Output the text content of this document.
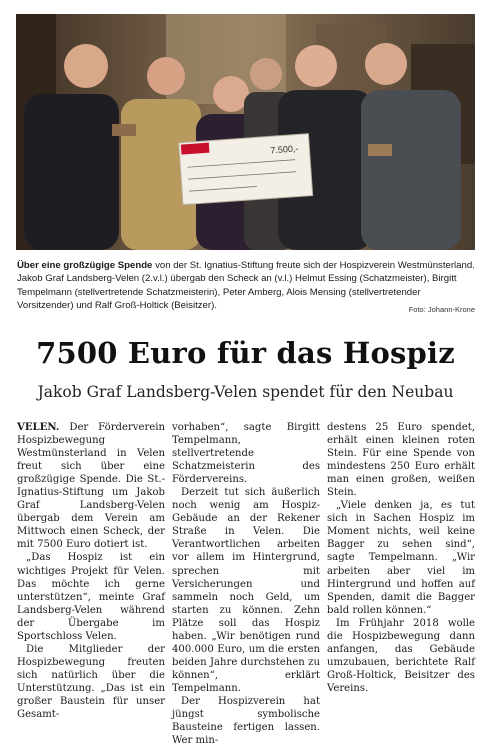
7.500,-
Über eine großzügige Spende von der St. Ignatius-Stiftung freute sich der Hospizverein Westmünsterland. Jakob Graf Landsberg-Velen (2.v.l.) übergab den Scheck an (v.l.) Helmut Essing (Schatzmeister), Birgitt Tempelmann (stellvertretende Schatzmeisterin), Peter Amberg, Alois Mensing (stellvertretender Vorsitzender) und Ralf Groß-Holtick (Beisitzer).	Foto: Johann-Krone
7500 Euro für das Hospiz
Jakob Graf Landsberg-Velen spendet für den Neubau

VELEN. Der Förderverein Hospizbewegung Westmünsterland in Velen freut sich über eine großzügige Spende. Die St.-Ignatius-Stiftung um Jakob Graf Landsberg-Velen übergab dem Verein am Mittwoch einen Scheck, der mit 7500 Euro dotiert ist.

„Das Hospiz ist ein wichtiges Projekt für Velen. Das möchte ich gerne unterstützen“, meinte Graf Landsberg-Velen während der Übergabe im Sportschloss Velen.

Die Mitglieder der Hospizbewegung freuten sich natürlich über die Unterstützung. „Das ist ein großer Baustein für unser Gesamt-

vorhaben“, sagte Birgitt Tempelmann, stellvertretende Schatzmeisterin des Fördervereins.

Derzeit tut sich äußerlich noch wenig am Hospiz-Gebäude an der Rekener Straße in Velen. Die Verantwortlichen arbeiten vor allem im Hintergrund, sprechen mit Versicherungen und sammeln noch Geld, um starten zu können. Zehn Plätze soll das Hospiz haben. „Wir benötigen rund 400.000 Euro, um die ersten beiden Jahre durchstehen zu können“, erklärt Tempelmann.

Der Hospizverein hat jüngst symbolische Bausteine fertigen lassen. Wer min-

destens 25 Euro spendet, erhält einen kleinen roten Stein. Für eine Spende von mindestens 250 Euro erhält man einen großen, weißen Stein.

„Viele denken ja, es tut sich in Sachen Hospiz im Moment nichts, weil keine Bagger zu sehen sind“, sagte Tempelmann. „Wir arbeiten aber viel im Hintergrund und hoffen auf Spenden, damit die Bagger bald rollen können.“

Im Frühjahr 2018 wolle die Hospizbewegung dann anfangen, das Gebäude umzubauen, berichtete Ralf Groß-Holtick, Beisitzer des Vereins.
